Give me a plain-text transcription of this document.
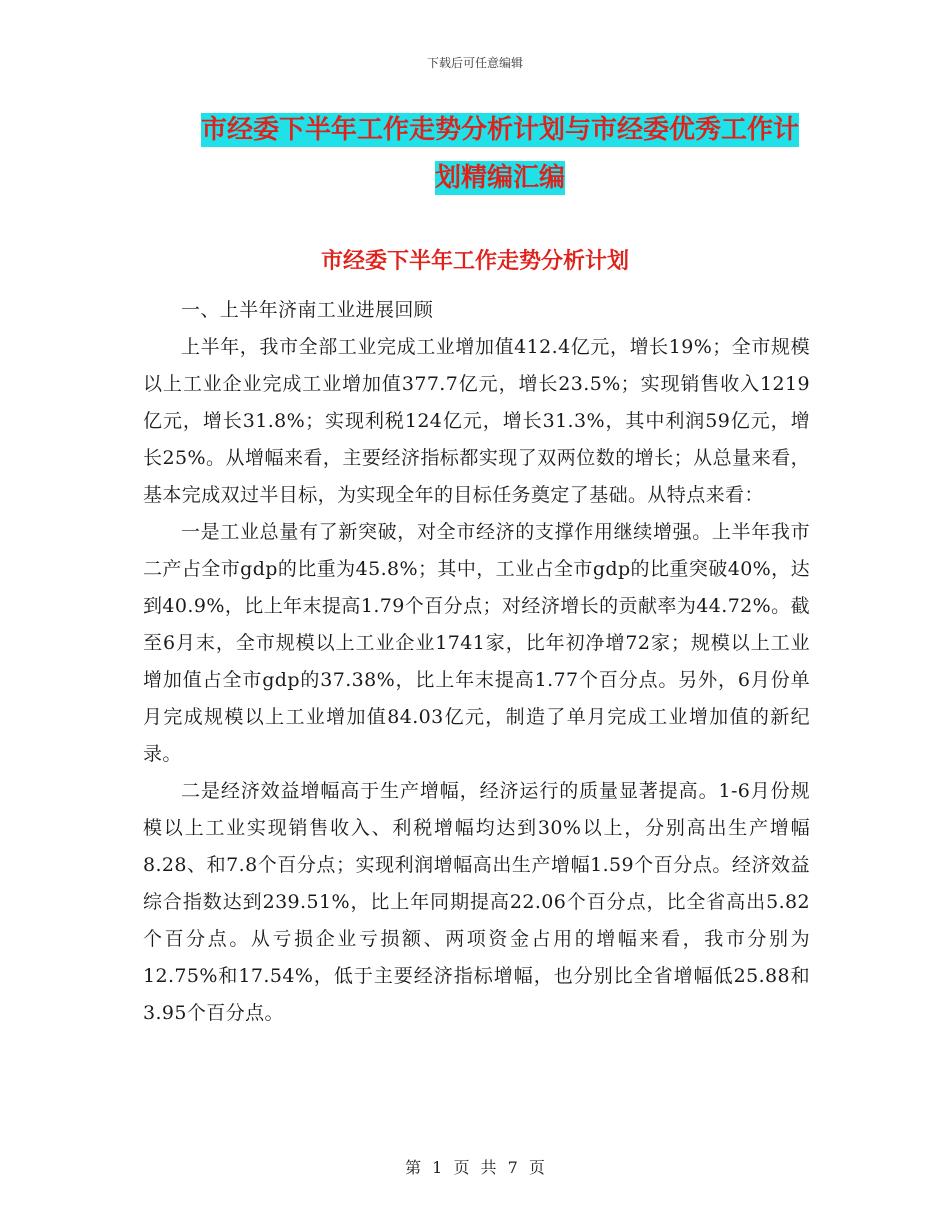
下载后可任意编辑
市经委下半年工作走势分析计划与市经委优秀工作计
划精编汇编
市经委下半年工作走势分析计划

一、上半年济南工业进展回顾

上半年，我市全部工业完成工业增加值412.4亿元，增长19%；全市规模以上工业企业完成工业增加值377.7亿元，增长23.5%；实现销售收入1219亿元，增长31.8%；实现利税124亿元，增长31.3%，其中利润59亿元，增长25%。从增幅来看，主要经济指标都实现了双两位数的增长；从总量来看，基本完成双过半目标，为实现全年的目标任务奠定了基础。从特点来看：

一是工业总量有了新突破，对全市经济的支撑作用继续增强。上半年我市二产占全市gdp的比重为45.8%；其中，工业占全市gdp的比重突破40%，达到40.9%，比上年末提高1.79个百分点；对经济增长的贡献率为44.72%。截至6月末，全市规模以上工业企业1741家，比年初净增72家；规模以上工业增加值占全市gdp的37.38%，比上年末提高1.77个百分点。另外，6月份单月完成规模以上工业增加值84.03亿元，制造了单月完成工业增加值的新纪录。

二是经济效益增幅高于生产增幅，经济运行的质量显著提高。1-6月份规模以上工业实现销售收入、利税增幅均达到30%以上，分别高出生产增幅8.28、和7.8个百分点；实现利润增幅高出生产增幅1.59个百分点。经济效益综合指数达到239.51%，比上年同期提高22.06个百分点，比全省高出5.82个百分点。从亏损企业亏损额、两项资金占用的增幅来看，我市分别为12.75%和17.54%，低于主要经济指标增幅，也分别比全省增幅低25.88和3.95个百分点。

第 1 页 共 7 页
